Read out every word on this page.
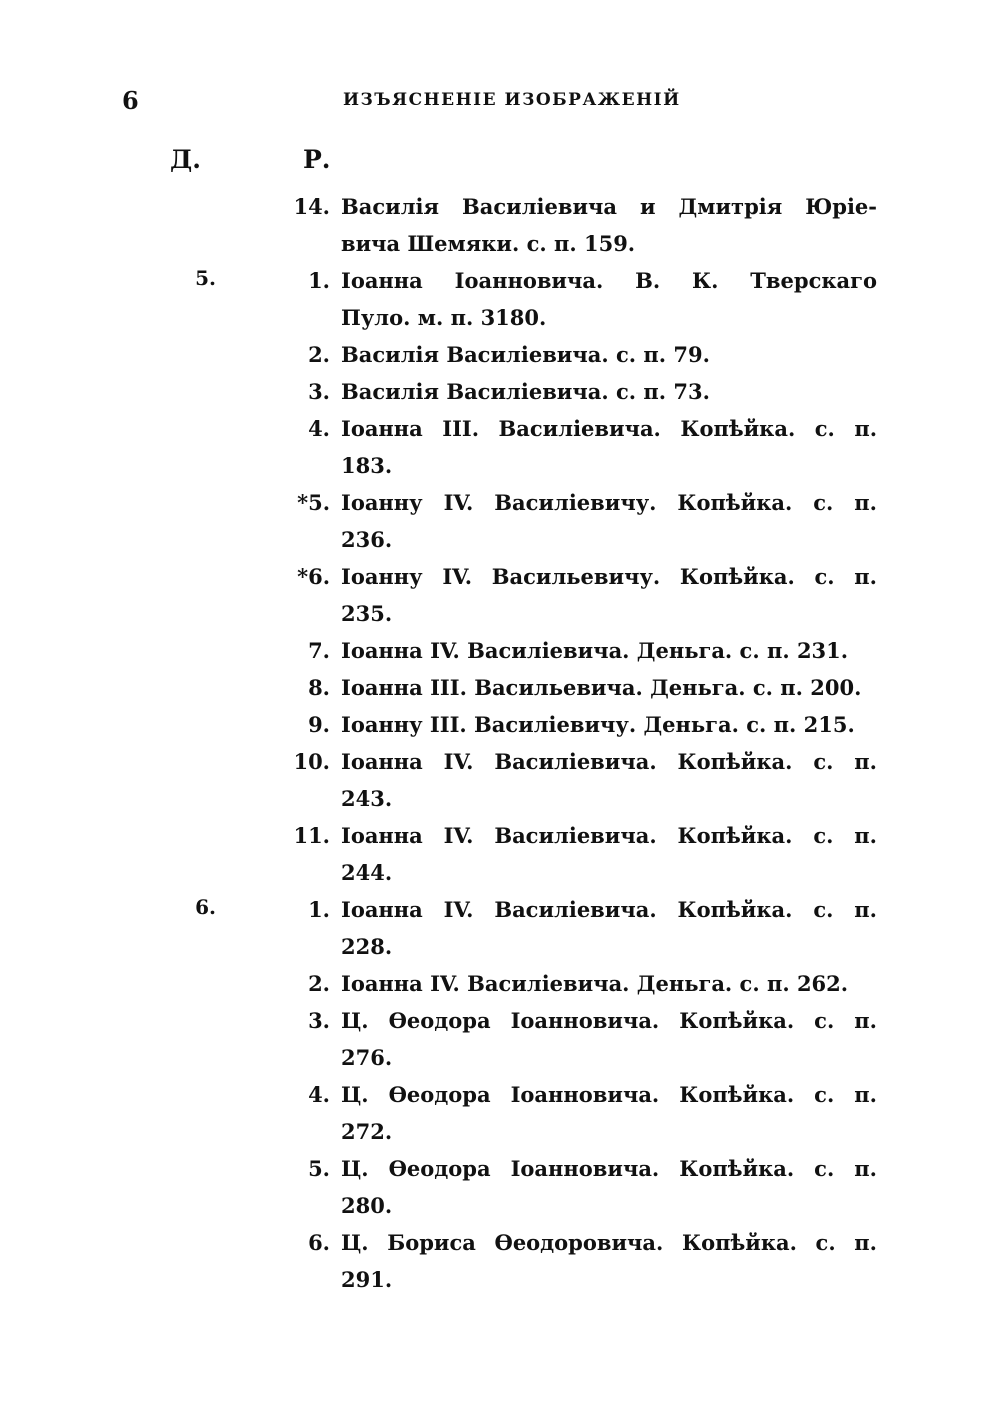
6	ИЗЪЯСНЕНІЕ ИЗОБРАЖЕНІЙ
Д.	Р.
14. Василія Василіевича и Дмитрія Юріе-
вича Шемяки. с. п. 159.
5.	1. Іоанна Іоанновича. В. К. Тверскаго
Пуло. м. п. 3180.
2. Василія Василіевича. с. п. 79.
3. Василія Василіевича. с. п. 73.
4. Іоанна III. Василіевича. Копѣйка. с. п.
183.
*5. Іоанну IV. Василіевичу. Копѣйка. с. п.
236.
*6. Іоанну IV. Васильевичу. Копѣйка. с. п.
235.
7. Іоанна IV. Василіевича. Деньга. с. п. 231.
8. Іоанна III. Васильевича. Деньга. с. п. 200.
9. Іоанну III. Василіевичу. Деньга. с. п. 215.
10. Іоанна IV. Василіевича. Копѣйка. с. п.
243.
11. Іоанна IV. Василіевича. Копѣйка. с. п.
244.
6.	1. Іоанна IV. Василіевича. Копѣйка. с. п.
228.
2. Іоанна IV. Василіевича. Деньга. с. п. 262.
3. Ц. Ѳеодора Іоанновича. Копѣйка. с. п.
276.
4. Ц. Ѳеодора Іоанновича. Копѣйка. с. п.
272.
5. Ц. Ѳеодора Іоанновича. Копѣйка. с. п.
280.
6. Ц. Бориса Ѳеодоровича. Копѣйка. с. п.
291.
